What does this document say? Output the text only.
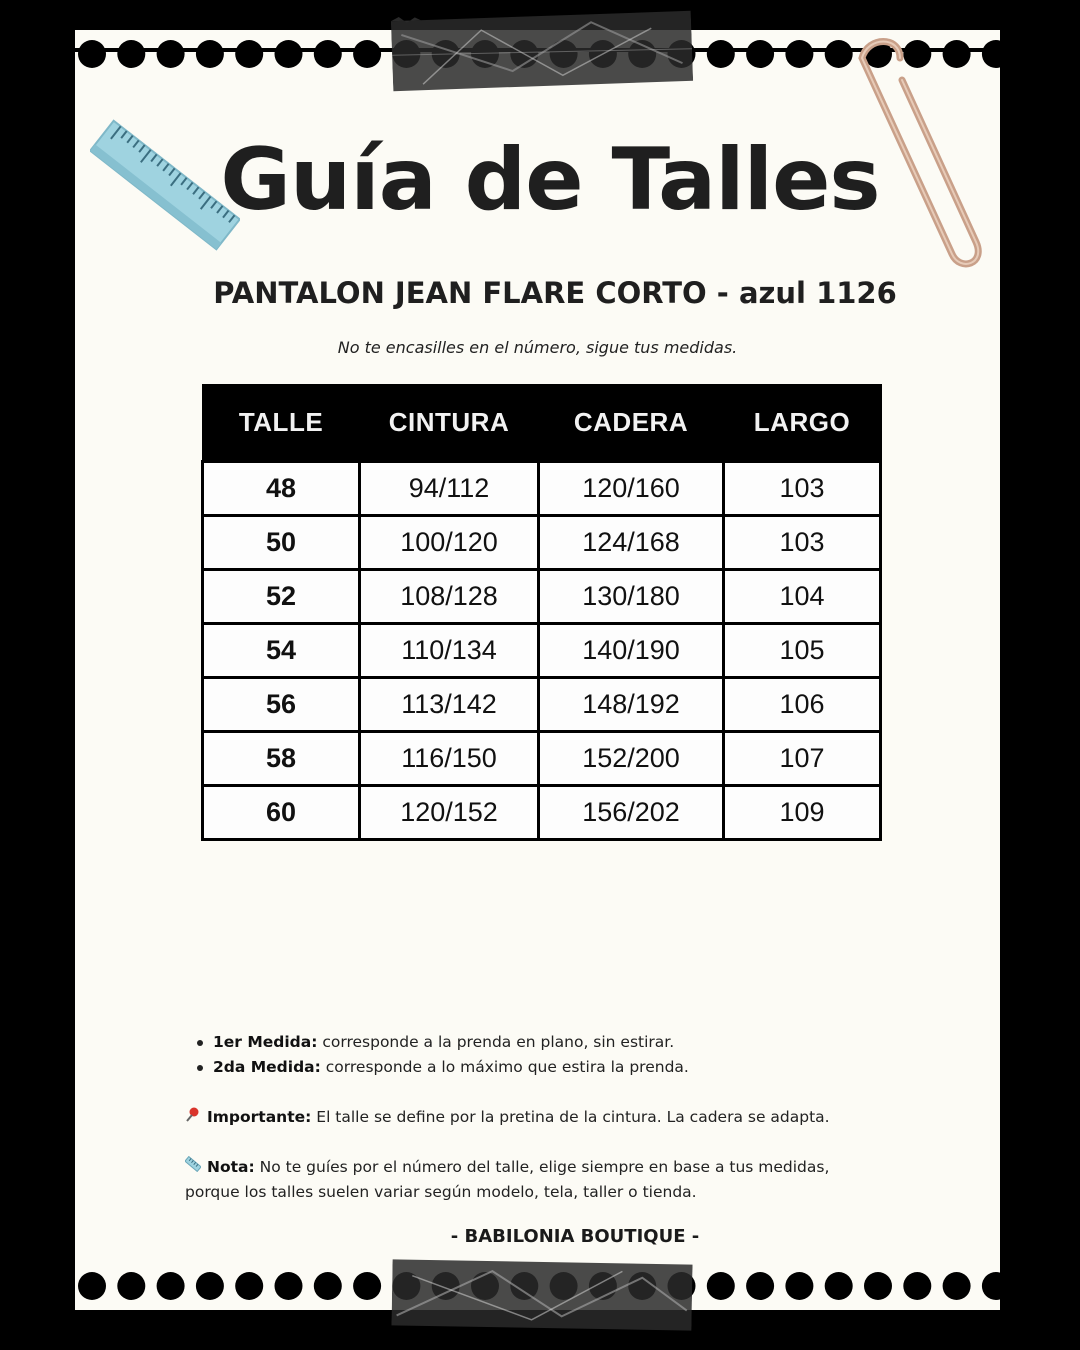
Guía de Talles
PANTALON JEAN FLARE CORTO - azul 1126
No te encasilles en el número, sigue tus medidas.
TALLE	CINTURA	CADERA	LARGO
48	94/112	120/160	103
50	100/120	124/168	103
52	108/128	130/180	104
54	110/134	140/190	105
56	113/142	148/192	106
58	116/150	152/200	107
60	120/152	156/202	109
1er Medida: corresponde a la prenda en plano, sin estirar.
2da Medida: corresponde a lo máximo que estira la prenda.

Importante: El talle se define por la pretina de la cintura. La cadera se adapta.

Nota: No te guíes por el número del talle, elige siempre en base a tus medidas, porque los talles suelen variar según modelo, tela, taller o tienda.

- BABILONIA BOUTIQUE -
